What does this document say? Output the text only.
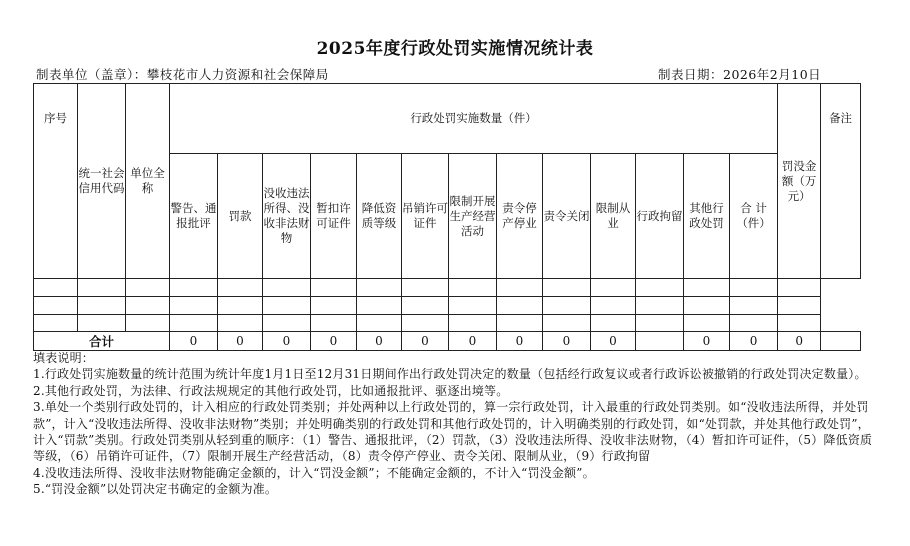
2025年度行政处罚实施情况统计表
制表单位（盖章）：攀枝花市人力资源和社会保障局	制表日期：2026年2月10日
序号	统一社会信用代码	单位全称	行政处罚实施数量（件）													罚没金额（万元）	备注

			警告、通报批评	罚款	没收违法所得、没收非法财物	暂扣许可证件	降低资质等级	吊销许可证件	限制开展生产经营活动	责令停产停业	责令关闭	限制从业	行政拘留	其他行政处罚	合 计（件）		

合计			0	0	0	0	0	0	0	0	0	0		0	0	0	

填表说明：

1.行政处罚实施数量的统计范围为统计年度1月1日至12月31日期间作出行政处罚决定的数量（包括经行政复议或者行政诉讼被撤销的行政处罚决定数量）。

2.其他行政处罚，为法律、行政法规规定的其他行政处罚，比如通报批评、驱逐出境等。

3.单处一个类别行政处罚的，计入相应的行政处罚类别；并处两种以上行政处罚的，算一宗行政处罚，计入最重的行政处罚类别。如“没收违法所得，并处罚款”，计入“没收违法所得、没收非法财物”类别；并处明确类别的行政处罚和其他行政处罚的，计入明确类别的行政处罚，如“处罚款，并处其他行政处罚”，计入“罚款”类别。行政处罚类别从轻到重的顺序：（1）警告、通报批评，（2）罚款，（3）没收违法所得、没收非法财物，（4）暂扣许可证件，（5）降低资质等级，（6）吊销许可证件，（7）限制开展生产经营活动，（8）责令停产停业、责令关闭、限制从业，（9）行政拘留

4.没收违法所得、没收非法财物能确定金额的，计入“罚没金额”；不能确定金额的，不计入“罚没金额”。

5.“罚没金额”以处罚决定书确定的金额为准。
